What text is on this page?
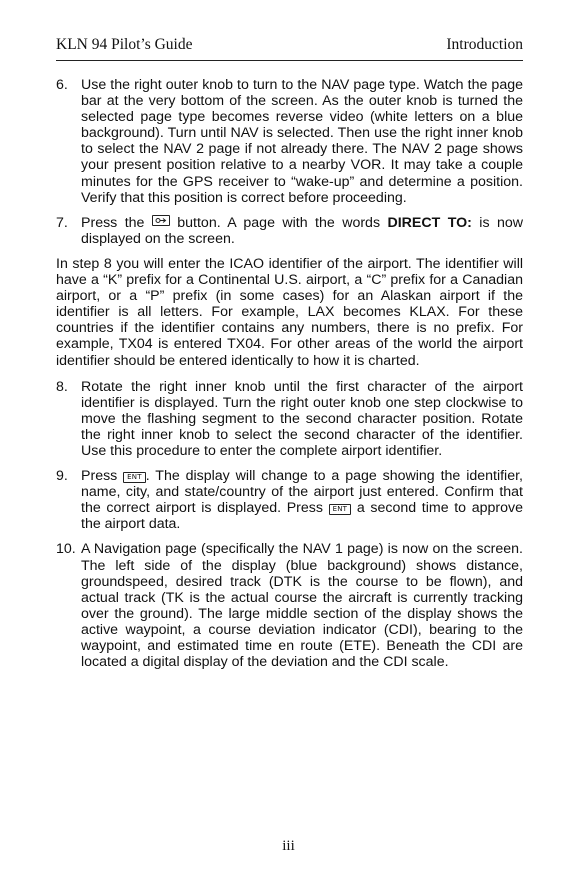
KLN 94 Pilot’s Guide	Introduction
6. Use the right outer knob to turn to the NAV page type. Watch the page bar at the very bottom of the screen. As the outer knob is turned the selected page type becomes reverse video (white letters on a blue background). Turn until NAV is selected. Then use the right inner knob to select the NAV 2 page if not already there. The NAV 2 page shows your present position relative to a nearby VOR. It may take a couple minutes for the GPS receiver to “wake-up” and determine a position. Verify that this position is correct before proceeding.
7. Press the
button. A page with the words DIRECT TO: is now displayed on the screen.
In step 8 you will enter the ICAO identifier of the airport. The identifier will have a “K” prefix for a Continental U.S. airport, a “C” prefix for a Canadian airport, or a “P” prefix (in some cases) for an Alaskan airport if the identifier is all letters. For example, LAX becomes KLAX. For these countries if the identifier contains any numbers, there is no prefix. For example, TX04 is entered TX04. For other areas of the world the airport identifier should be entered identically to how it is charted.
8. Rotate the right inner knob until the first character of the airport identifier is displayed. Turn the right outer knob one step clockwise to move the flashing segment to the second character position. Rotate the right inner knob to select the second character of the identifier. Use this procedure to enter the complete airport identifier.
9. Press ENT . The display will change to a page showing the identifier, name, city, and state/country of the airport just entered. Confirm that the correct airport is displayed. Press ENT a second time to approve the airport data.
10. A Navigation page (specifically the NAV 1 page) is now on the screen. The left side of the display (blue background) shows distance, groundspeed, desired track (DTK is the course to be flown), and actual track (TK is the actual course the aircraft is currently tracking over the ground). The large middle section of the display shows the active waypoint, a course deviation indicator (CDI), bearing to the waypoint, and estimated time en route (ETE). Beneath the CDI are located a digital display of the deviation and the CDI scale.
iii
